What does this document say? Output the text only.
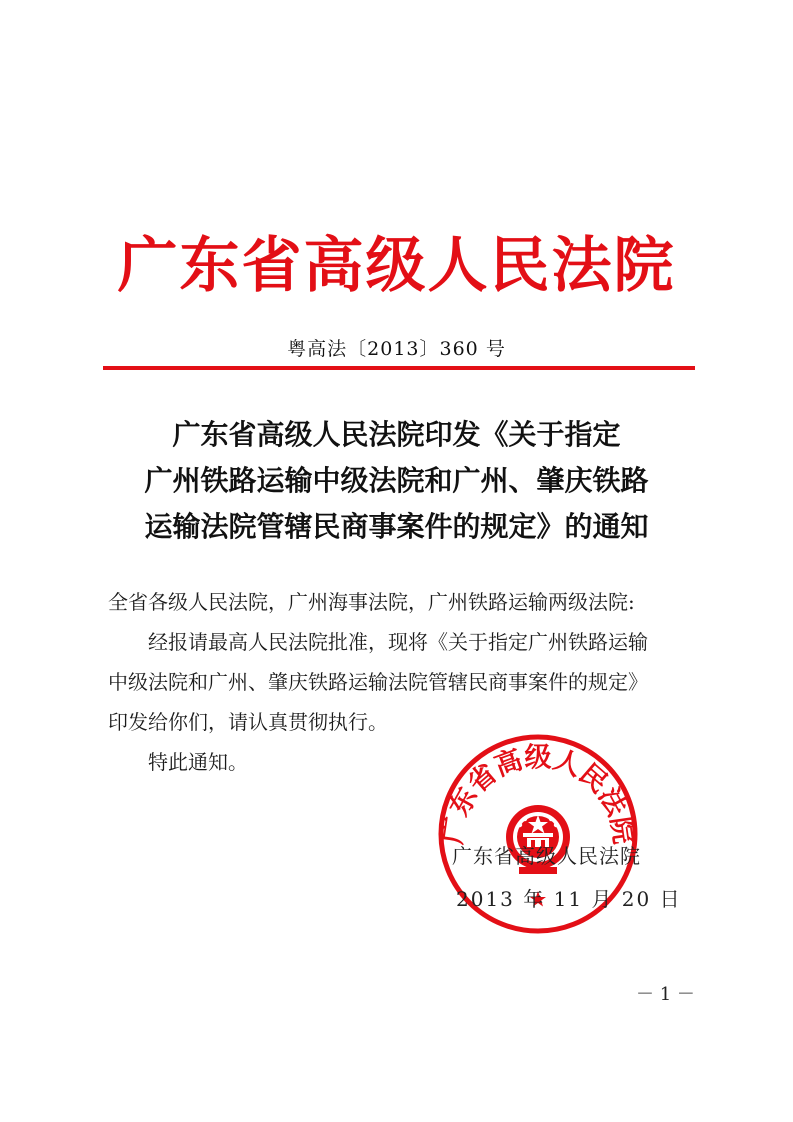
广东省高级人民法院
粤高法〔2013〕360 号
广东省高级人民法院印发《关于指定
广州铁路运输中级法院和广州、肇庆铁路
运输法院管辖民商事案件的规定》的通知
全省各级人民法院，广州海事法院，广州铁路运输两级法院:
经报请最高人民法院批准，现将《关于指定广州铁路运输
中级法院和广州、肇庆铁路运输法院管辖民商事案件的规定》
印发给你们，请认真贯彻执行。
特此通知。
广东省高级人民法院
广东省高级人民法院
2013 年 11 月 20 日
－ 1 －
